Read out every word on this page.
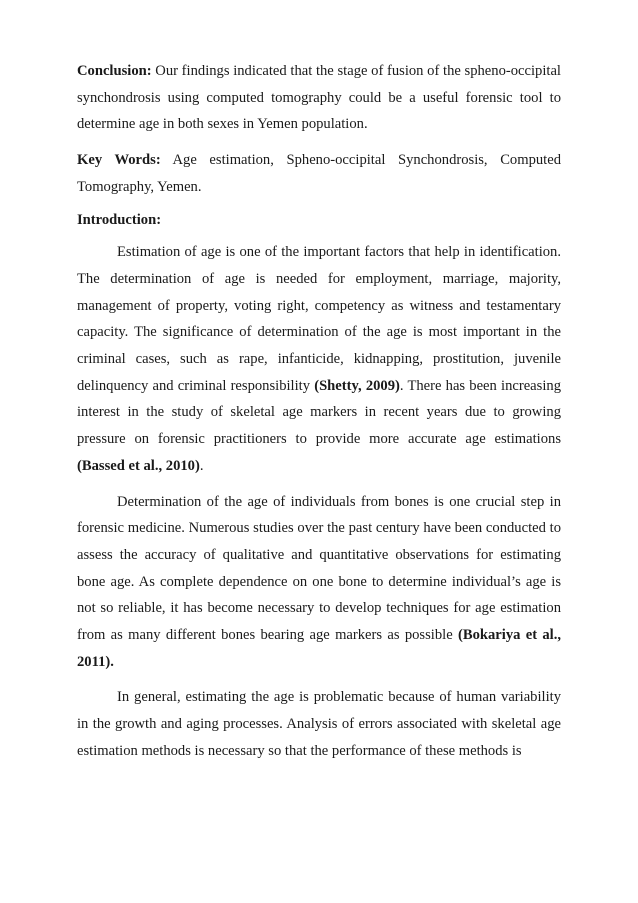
Conclusion: Our findings indicated that the stage of fusion of the spheno-occipital synchondrosis using computed tomography could be a useful forensic tool to determine age in both sexes in Yemen population.

Key Words: Age estimation, Spheno-occipital Synchondrosis, Computed Tomography, Yemen.

Introduction:

Estimation of age is one of the important factors that help in identification. The determination of age is needed for employment, marriage, majority, management of property, voting right, competency as witness and testamentary capacity. The significance of determination of the age is most important in the criminal cases, such as rape, infanticide, kidnapping, prostitution, juvenile delinquency and criminal responsibility (Shetty, 2009). There has been increasing interest in the study of skeletal age markers in recent years due to growing pressure on forensic practitioners to provide more accurate age estimations (Bassed et al., 2010).

Determination of the age of individuals from bones is one crucial step in forensic medicine. Numerous studies over the past century have been conducted to assess the accuracy of qualitative and quantitative observations for estimating bone age. As complete dependence on one bone to determine individual’s age is not so reliable, it has become necessary to develop techniques for age estimation from as many different bones bearing age markers as possible (Bokariya et al., 2011).

In general, estimating the age is problematic because of human variability in the growth and aging processes. Analysis of errors associated with skeletal age estimation methods is necessary so that the performance of these methods is
